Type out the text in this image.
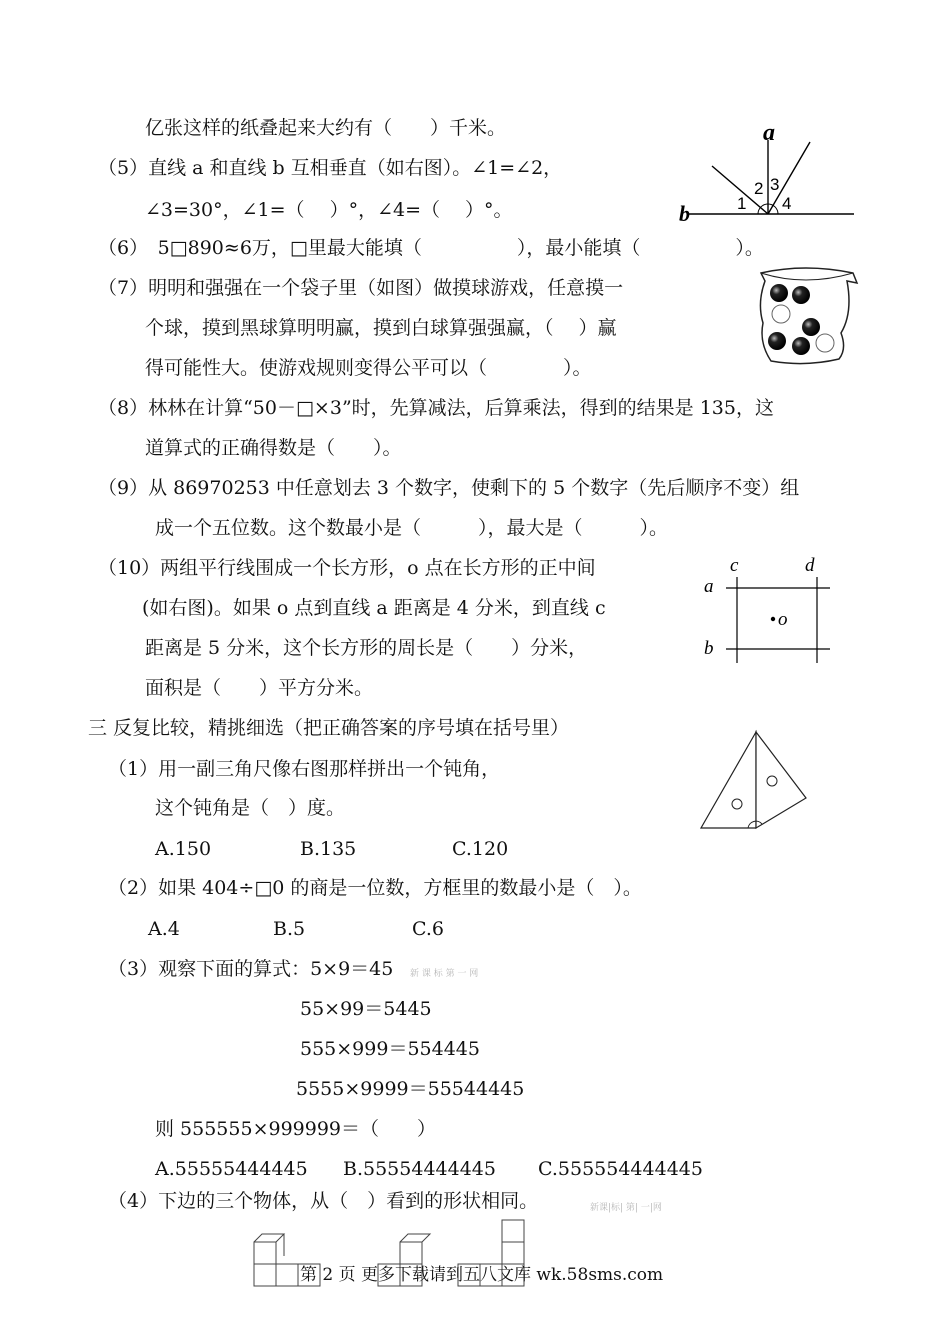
亿张这样的纸叠起来大约有（　　）千米。
（5）直线 a 和直线 b 互相垂直（如右图）。∠1=∠2，
∠3=30°，∠1=（　 ）°，∠4=（　 ）°。
（6）　5□890≈6万，□里最大能填（　　　　　），最小能填（　　　　　）。
（7）明明和强强在一个袋子里（如图）做摸球游戏，任意摸一
个球，摸到黑球算明明赢，摸到白球算强强赢，（　 ）赢
得可能性大。使游戏规则变得公平可以（　　　　）。
（8）林林在计算“50－□×3”时，先算减法，后算乘法，得到的结果是 135，这
道算式的正确得数是（　　）。
（9）从 86970253 中任意划去 3 个数字，使剩下的 5 个数字（先后顺序不变）组
成一个五位数。这个数最小是（　　　），最大是（　　　）。
（10）两组平行线围成一个长方形，o 点在长方形的正中间
(如右图)。如果 o 点到直线 a 距离是 4 分米，到直线 c
距离是 5 分米，这个长方形的周长是（　　）分米，
面积是（　　）平方分米。
a
b	1
2 3
4
a
b
c	d
o
三 反复比较，精挑细选（把正确答案的序号填在括号里）
（1）用一副三角尺像右图那样拼出一个钝角，
这个钝角是（　）度。
A.150	B.135	C.120
（2）如果 404÷□0 的商是一位数，方框里的数最小是（　）。
A.4	B.5	C.6
（3）观察下面的算式：5×9＝45 新 课 标 第 一 网
55×99＝5445
555×999＝554445
5555×9999＝55544445
则 555555×999999＝（　　）
A.55555444445 B.55554444445 C.555554444445
（4）下边的三个物体，从（　）看到的形状相同。	新课|标| 第| 一|网
第 2 页 更多下载请到五八文库 wk.58sms.com
